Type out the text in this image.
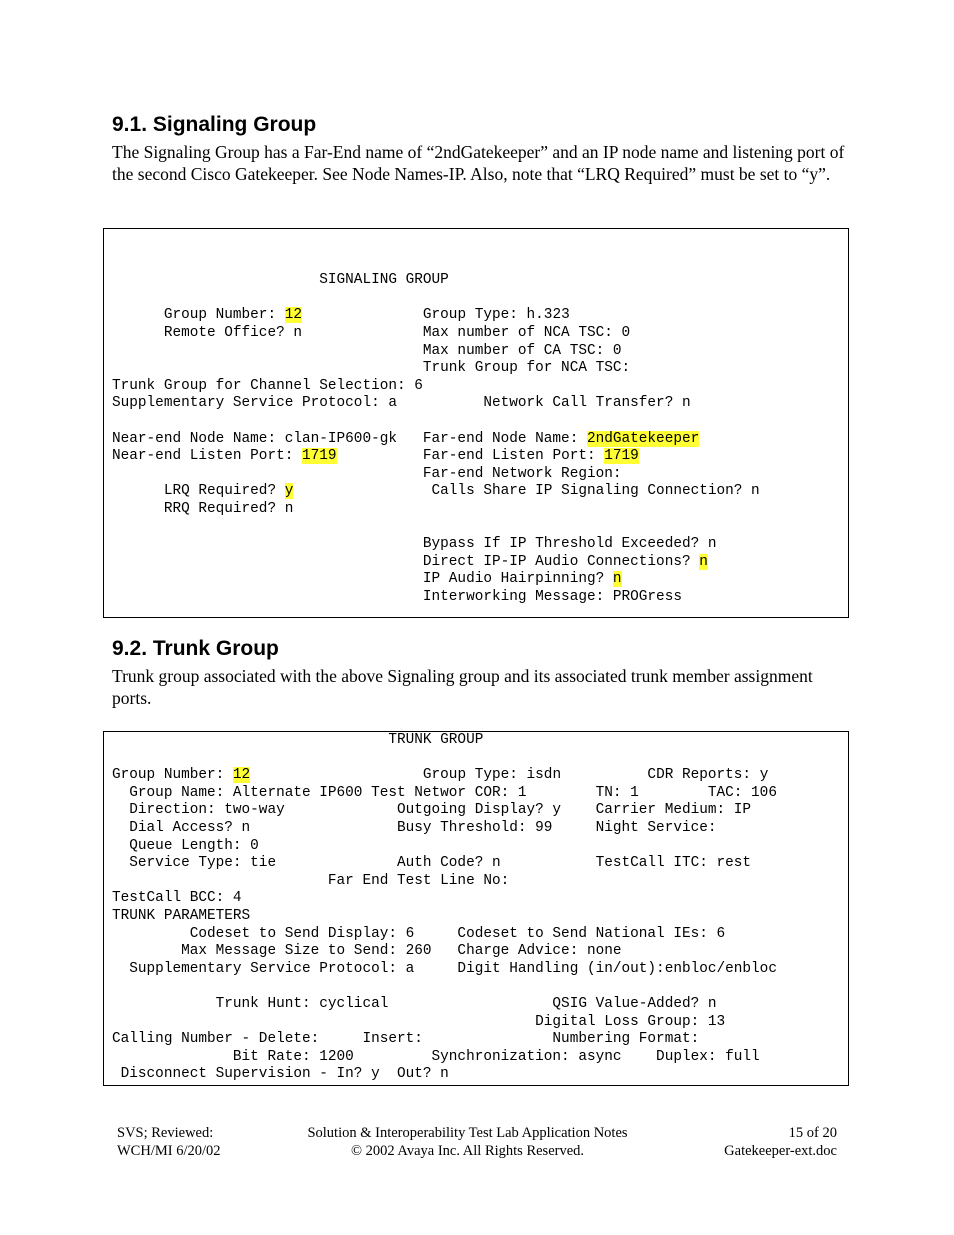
9.1. Signaling Group

The Signaling Group has a Far-End name of “2ndGatekeeper” and an IP node name and listening port of the second Cisco Gatekeeper. See Node Names-IP. Also, note that “LRQ Required” must be set to “y”.

SIGNALING GROUP

Group Number: 12              Group Type: h.323
Remote Office? n              Max number of NCA TSC: 0
Max number of CA TSC: 0
Trunk Group for NCA TSC:
Trunk Group for Channel Selection: 6
Supplementary Service Protocol: a          Network Call Transfer? n

Near-end Node Name: clan-IP600-gk   Far-end Node Name: 2ndGatekeeper
Near-end Listen Port: 1719          Far-end Listen Port: 1719
Far-end Network Region:
LRQ Required? y                Calls Share IP Signaling Connection? n
RRQ Required? n

Bypass If IP Threshold Exceeded? n
Direct IP-IP Audio Connections? n
IP Audio Hairpinning? n
Interworking Message: PROGress
9.2. Trunk Group

Trunk group associated with the above Signaling group and its associated trunk member assignment ports.

TRUNK GROUP

Group Number: 12                    Group Type: isdn          CDR Reports: y
Group Name: Alternate IP600 Test Networ COR: 1        TN: 1        TAC: 106
Direction: two-way             Outgoing Display? y    Carrier Medium: IP
Dial Access? n                 Busy Threshold: 99     Night Service:
Queue Length: 0
Service Type: tie              Auth Code? n           TestCall ITC: rest
Far End Test Line No:
TestCall BCC: 4
TRUNK PARAMETERS
Codeset to Send Display: 6     Codeset to Send National IEs: 6
Max Message Size to Send: 260   Charge Advice: none
Supplementary Service Protocol: a     Digit Handling (in/out):enbloc/enbloc

Trunk Hunt: cyclical                   QSIG Value-Added? n
Digital Loss Group: 13
Calling Number - Delete:     Insert:               Numbering Format:
Bit Rate: 1200         Synchronization: async    Duplex: full
Disconnect Supervision - In? y  Out? n
SVS; Reviewed:
WCH/MI 6/20/02
Solution & Interoperability Test Lab Application Notes
© 2002 Avaya Inc. All Rights Reserved.
15 of 20
Gatekeeper-ext.doc
